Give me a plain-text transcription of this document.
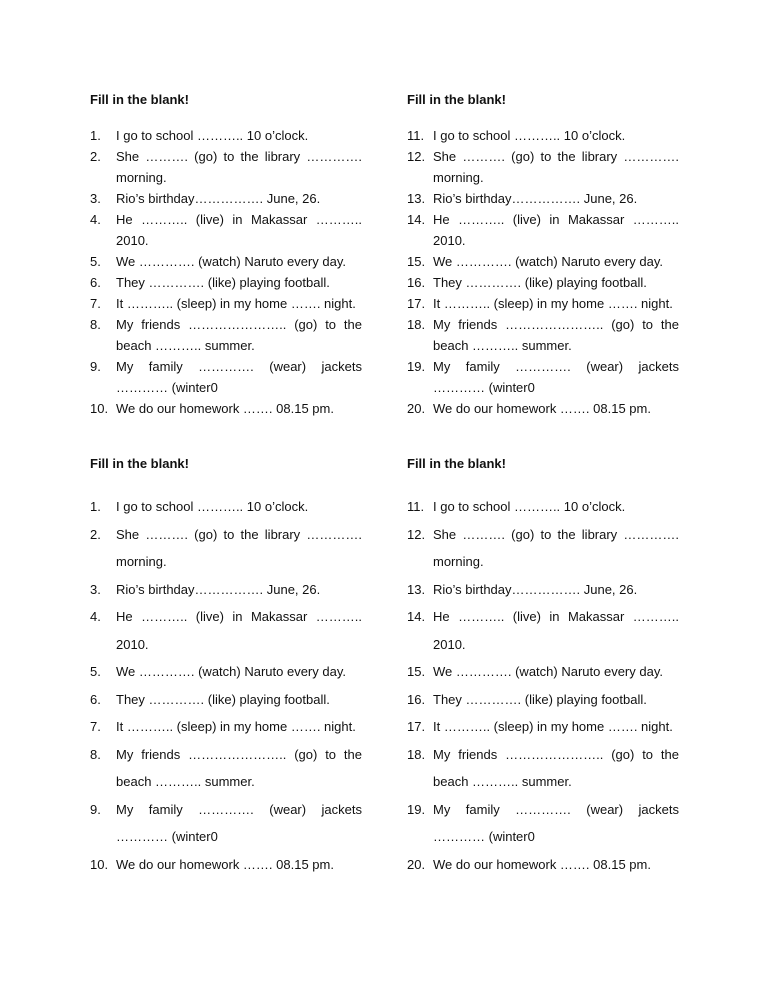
Fill in the blank!

1. I go to school ……….. 10 o’clock.
2. She ………. (go) to the library …………. morning.
3. Rio’s birthday……………. June, 26.
4. He ……….. (live) in Makassar ……….. 2010.
5. We …………. (watch) Naruto every day.
6. They …………. (like) playing football.
7. It ……….. (sleep) in my home ……. night.
8. My friends ………………….. (go) to the beach ……….. summer.
9. My family …………. (wear) jackets ………… (winter0
10. We do our homework ……. 08.15 pm.

Fill in the blank!

11. I go to school ……….. 10 o’clock.
12. She ………. (go) to the library …………. morning.
13. Rio’s birthday……………. June, 26.
14. He ……….. (live) in Makassar ……….. 2010.
15. We …………. (watch) Naruto every day.
16. They …………. (like) playing football.
17. It ……….. (sleep) in my home ……. night.
18. My friends ………………….. (go) to the beach ……….. summer.
19. My family …………. (wear) jackets ………… (winter0
20. We do our homework ……. 08.15 pm.

Fill in the blank!

1. I go to school ……….. 10 o’clock.
2. She ………. (go) to the library …………. morning.
3. Rio’s birthday……………. June, 26.
4. He ……….. (live) in Makassar ……….. 2010.
5. We …………. (watch) Naruto every day.
6. They …………. (like) playing football.
7. It ……….. (sleep) in my home ……. night.
8. My friends ………………….. (go) to the beach ……….. summer.
9. My family …………. (wear) jackets ………… (winter0
10. We do our homework ……. 08.15 pm.

Fill in the blank!

11. I go to school ……….. 10 o’clock.
12. She ………. (go) to the library …………. morning.
13. Rio’s birthday……………. June, 26.
14. He ……….. (live) in Makassar ……….. 2010.
15. We …………. (watch) Naruto every day.
16. They …………. (like) playing football.
17. It ……….. (sleep) in my home ……. night.
18. My friends ………………….. (go) to the beach ……….. summer.
19. My family …………. (wear) jackets ………… (winter0
20. We do our homework ……. 08.15 pm.
